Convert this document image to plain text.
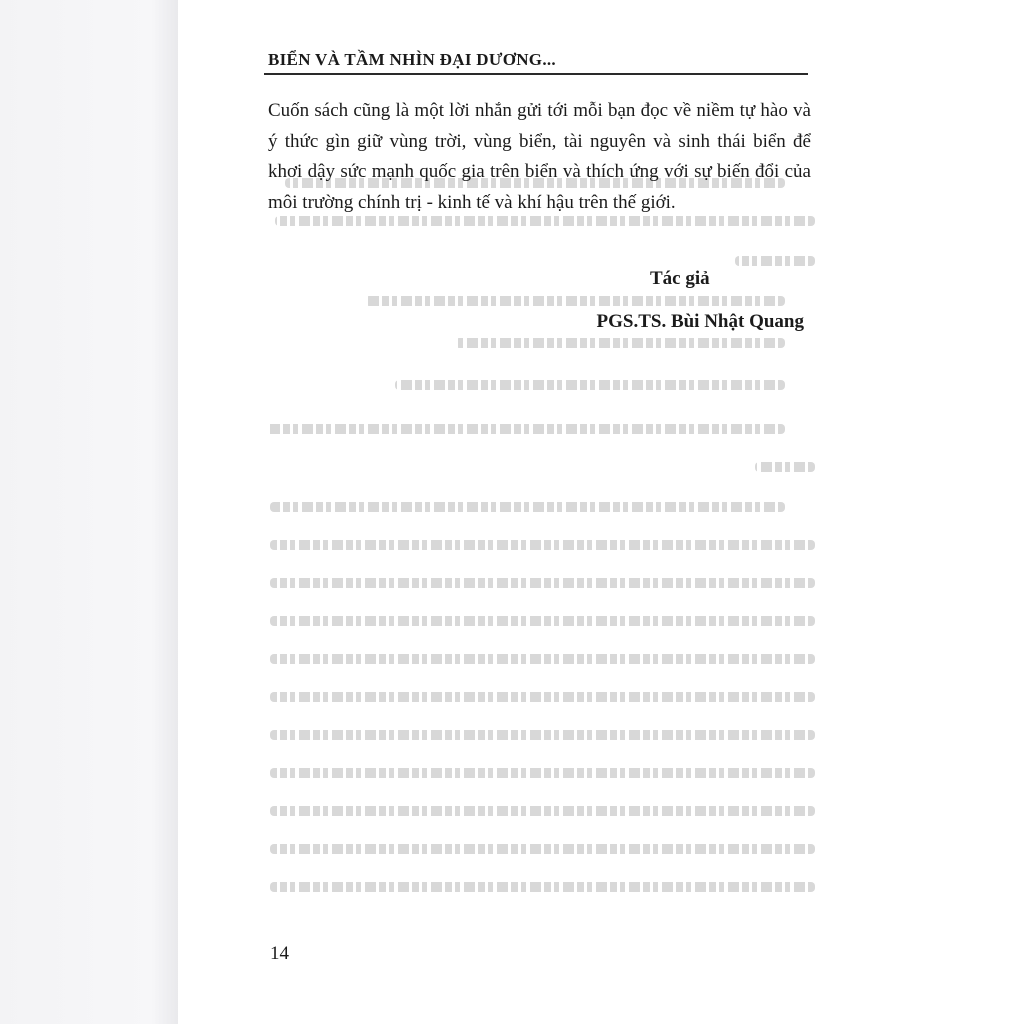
BIỂN VÀ TẦM NHÌN ĐẠI DƯƠNG...

Cuốn sách cũng là một lời nhắn gửi tới mỗi bạn đọc về niềm tự hào và ý thức gìn giữ vùng trời, vùng biển, tài nguyên và sinh thái biển để khơi dậy sức mạnh quốc gia trên biển và thích ứng với sự biến đổi của môi trường chính trị - kinh tế và khí hậu trên thế giới.

Tác giả
PGS.TS. Bùi Nhật Quang
14
